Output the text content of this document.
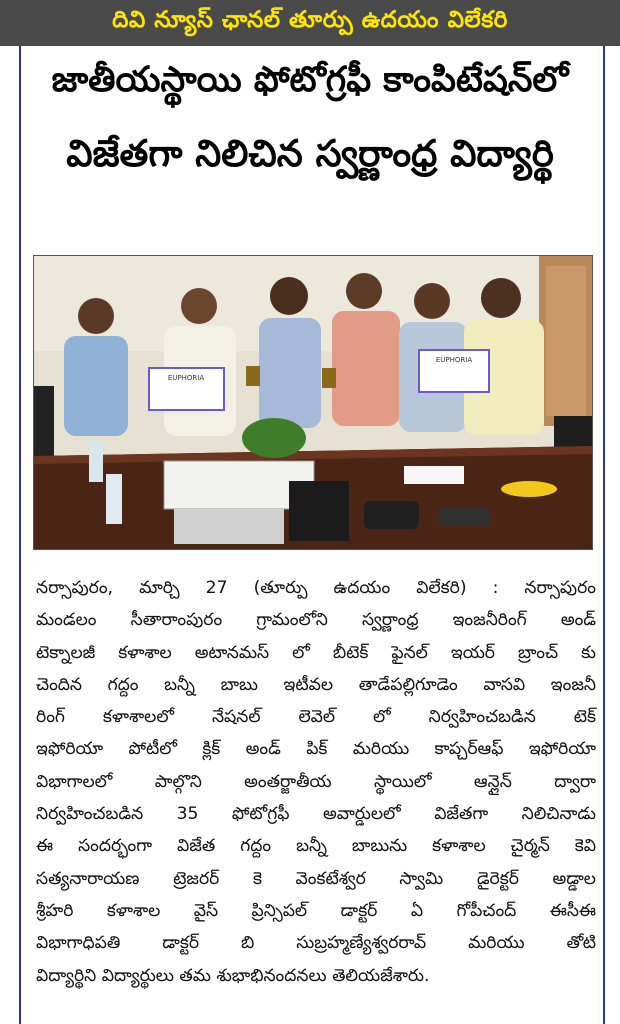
దివి న్యూస్ ఛానల్ తూర్పు ఉదయం విలేకరి
జాతీయస్థాయి ఫోటోగ్రఫీ కాంపిటేషన్‌లో
విజేతగా నిలిచిన స్వర్ణాంధ్ర విద్యార్థి
EUPHORIA
EUPHORIA
నర్సాపురం, మార్చి 27 (తూర్పు ఉదయం విలేకరి) : నర్సాపురం
మండలం సీతారాంపురం గ్రామంలోని స్వర్ణాంధ్ర ఇంజనీరింగ్ అండ్
టెక్నాలజీ కళాశాల అటానమస్ లో బీటెక్ ఫైనల్ ఇయర్ బ్రాంచ్ కు
చెందిన గద్దం బన్నీ బాబు ఇటీవల తాడేపల్లిగూడెం వాసవి ఇంజనీ
రింగ్ కళాశాలలో నేషనల్ లెవెల్ లో నిర్వహించబడిన టెక్
ఇఫోరియా పోటీలో క్లిక్ అండ్ పిక్ మరియు కాప్చర్ఆఫ్ ఇఫోరియా
విభాగాలలో పాల్గొని అంతర్జాతీయ స్థాయిలో ఆన్లైన్ ద్వారా
నిర్వహించబడిన 35 ఫోటోగ్రఫీ అవార్డులలో విజేతగా నిలిచినాడు
ఈ సందర్భంగా విజేత గద్దం బన్నీ బాబును కళాశాల చైర్మన్ కెవి
సత్యనారాయణ ట్రెజరర్ కె వెంకటేశ్వర స్వామి డైరెక్టర్ అడ్డాల
శ్రీహరి కళాశాల వైస్ ప్రిన్సిపల్ డాక్టర్ ఏ గోపీచంద్ ఈసీఈ
విభాగాధిపతి డాక్టర్ బి సుబ్రహ్మణ్యేశ్వరరావ్ మరియు తోటి
విద్యార్థిని విద్యార్థులు తమ శుభాభినందనలు తెలియజేశారు.
